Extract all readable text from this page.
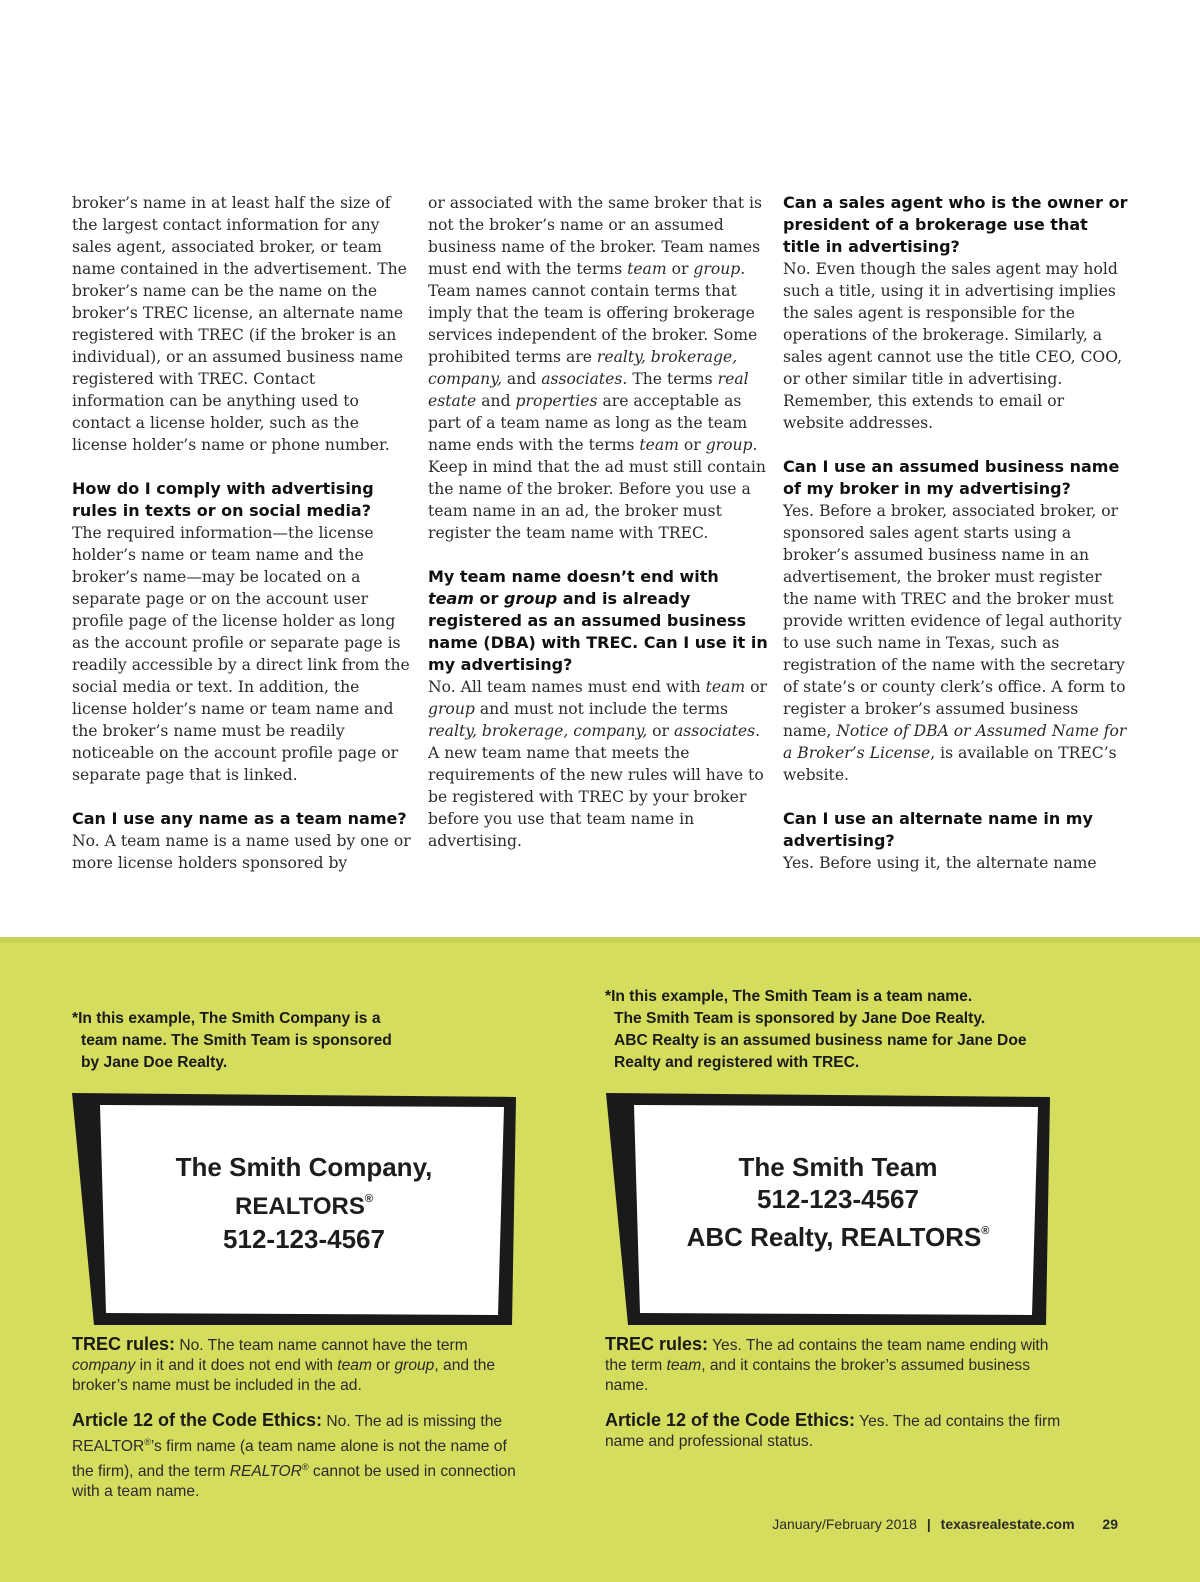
broker’s name in at least half the size of the largest contact information for any sales agent, associated broker, or team name contained in the advertisement. The broker’s name can be the name on the broker’s TREC license, an alternate name registered with TREC (if the broker is an individual), or an assumed business name registered with TREC. Contact information can be anything used to contact a license holder, such as the license holder’s name or phone number.

How do I comply with advertising rules in texts or on social media?

The required information—the license holder’s name or team name and the broker’s name—may be located on a separate page or on the account user profile page of the license holder as long as the account profile or separate page is readily accessible by a direct link from the social media or text. In addition, the license holder’s name or team name and the broker’s name must be readily noticeable on the account profile page or separate page that is linked.

Can I use any name as a team name?

No. A team name is a name used by one or more license holders sponsored by

or associated with the same broker that is not the broker’s name or an assumed business name of the broker. Team names must end with the terms team or group. Team names cannot contain terms that imply that the team is offering brokerage services independent of the broker. Some prohibited terms are realty, brokerage, company, and associates. The terms real estate and properties are acceptable as part of a team name as long as the team name ends with the terms team or group. Keep in mind that the ad must still contain the name of the broker. Before you use a team name in an ad, the broker must register the team name with TREC.

My team name doesn’t end with team or group and is already registered as an assumed business name (DBA) with TREC. Can I use it in my advertising?

No. All team names must end with team or group and must not include the terms realty, brokerage, company, or associates. A new team name that meets the requirements of the new rules will have to be registered with TREC by your broker before you use that team name in advertising.

Can a sales agent who is the owner or president of a brokerage use that title in advertising?

No. Even though the sales agent may hold such a title, using it in advertising implies the sales agent is responsible for the operations of the brokerage. Similarly, a sales agent cannot use the title CEO, COO, or other similar title in advertising. Remember, this extends to email or website addresses.

Can I use an assumed business name of my broker in my advertising?

Yes. Before a broker, associated broker, or sponsored sales agent starts using a broker’s assumed business name in an advertisement, the broker must register the name with TREC and the broker must provide written evidence of legal authority to use such name in Texas, such as registration of the name with the secretary of state’s or county clerk’s office. A form to register a broker’s assumed business name, Notice of DBA or Assumed Name for a Broker’s License, is available on TREC’s website.

Can I use an alternate name in my advertising?

Yes. Before using it, the alternate name

*In this example, The Smith Company is a
team name. The Smith Team is sponsored
by Jane Doe Realty.
*In this example, The Smith Team is a team name.
The Smith Team is sponsored by Jane Doe Realty.
ABC Realty is an assumed business name for Jane Doe
Realty and registered with TREC.
The Smith Company,
REALTORS®
512-123-4567
The Smith Team
512-123-4567
ABC Realty, REALTORS®

TREC rules: No. The team name cannot have the term company in it and it does not end with team or group, and the broker’s name must be included in the ad.

Article 12 of the Code Ethics: No. The ad is missing the REALTOR®’s firm name (a team name alone is not the name of the firm), and the term REALTOR® cannot be used in connection with a team name.

TREC rules: Yes. The ad contains the team name ending with the term team, and it contains the broker’s assumed business name.

Article 12 of the Code Ethics: Yes. The ad contains the firm name and professional status.

January/February 2018 | texasrealestate.com 29
